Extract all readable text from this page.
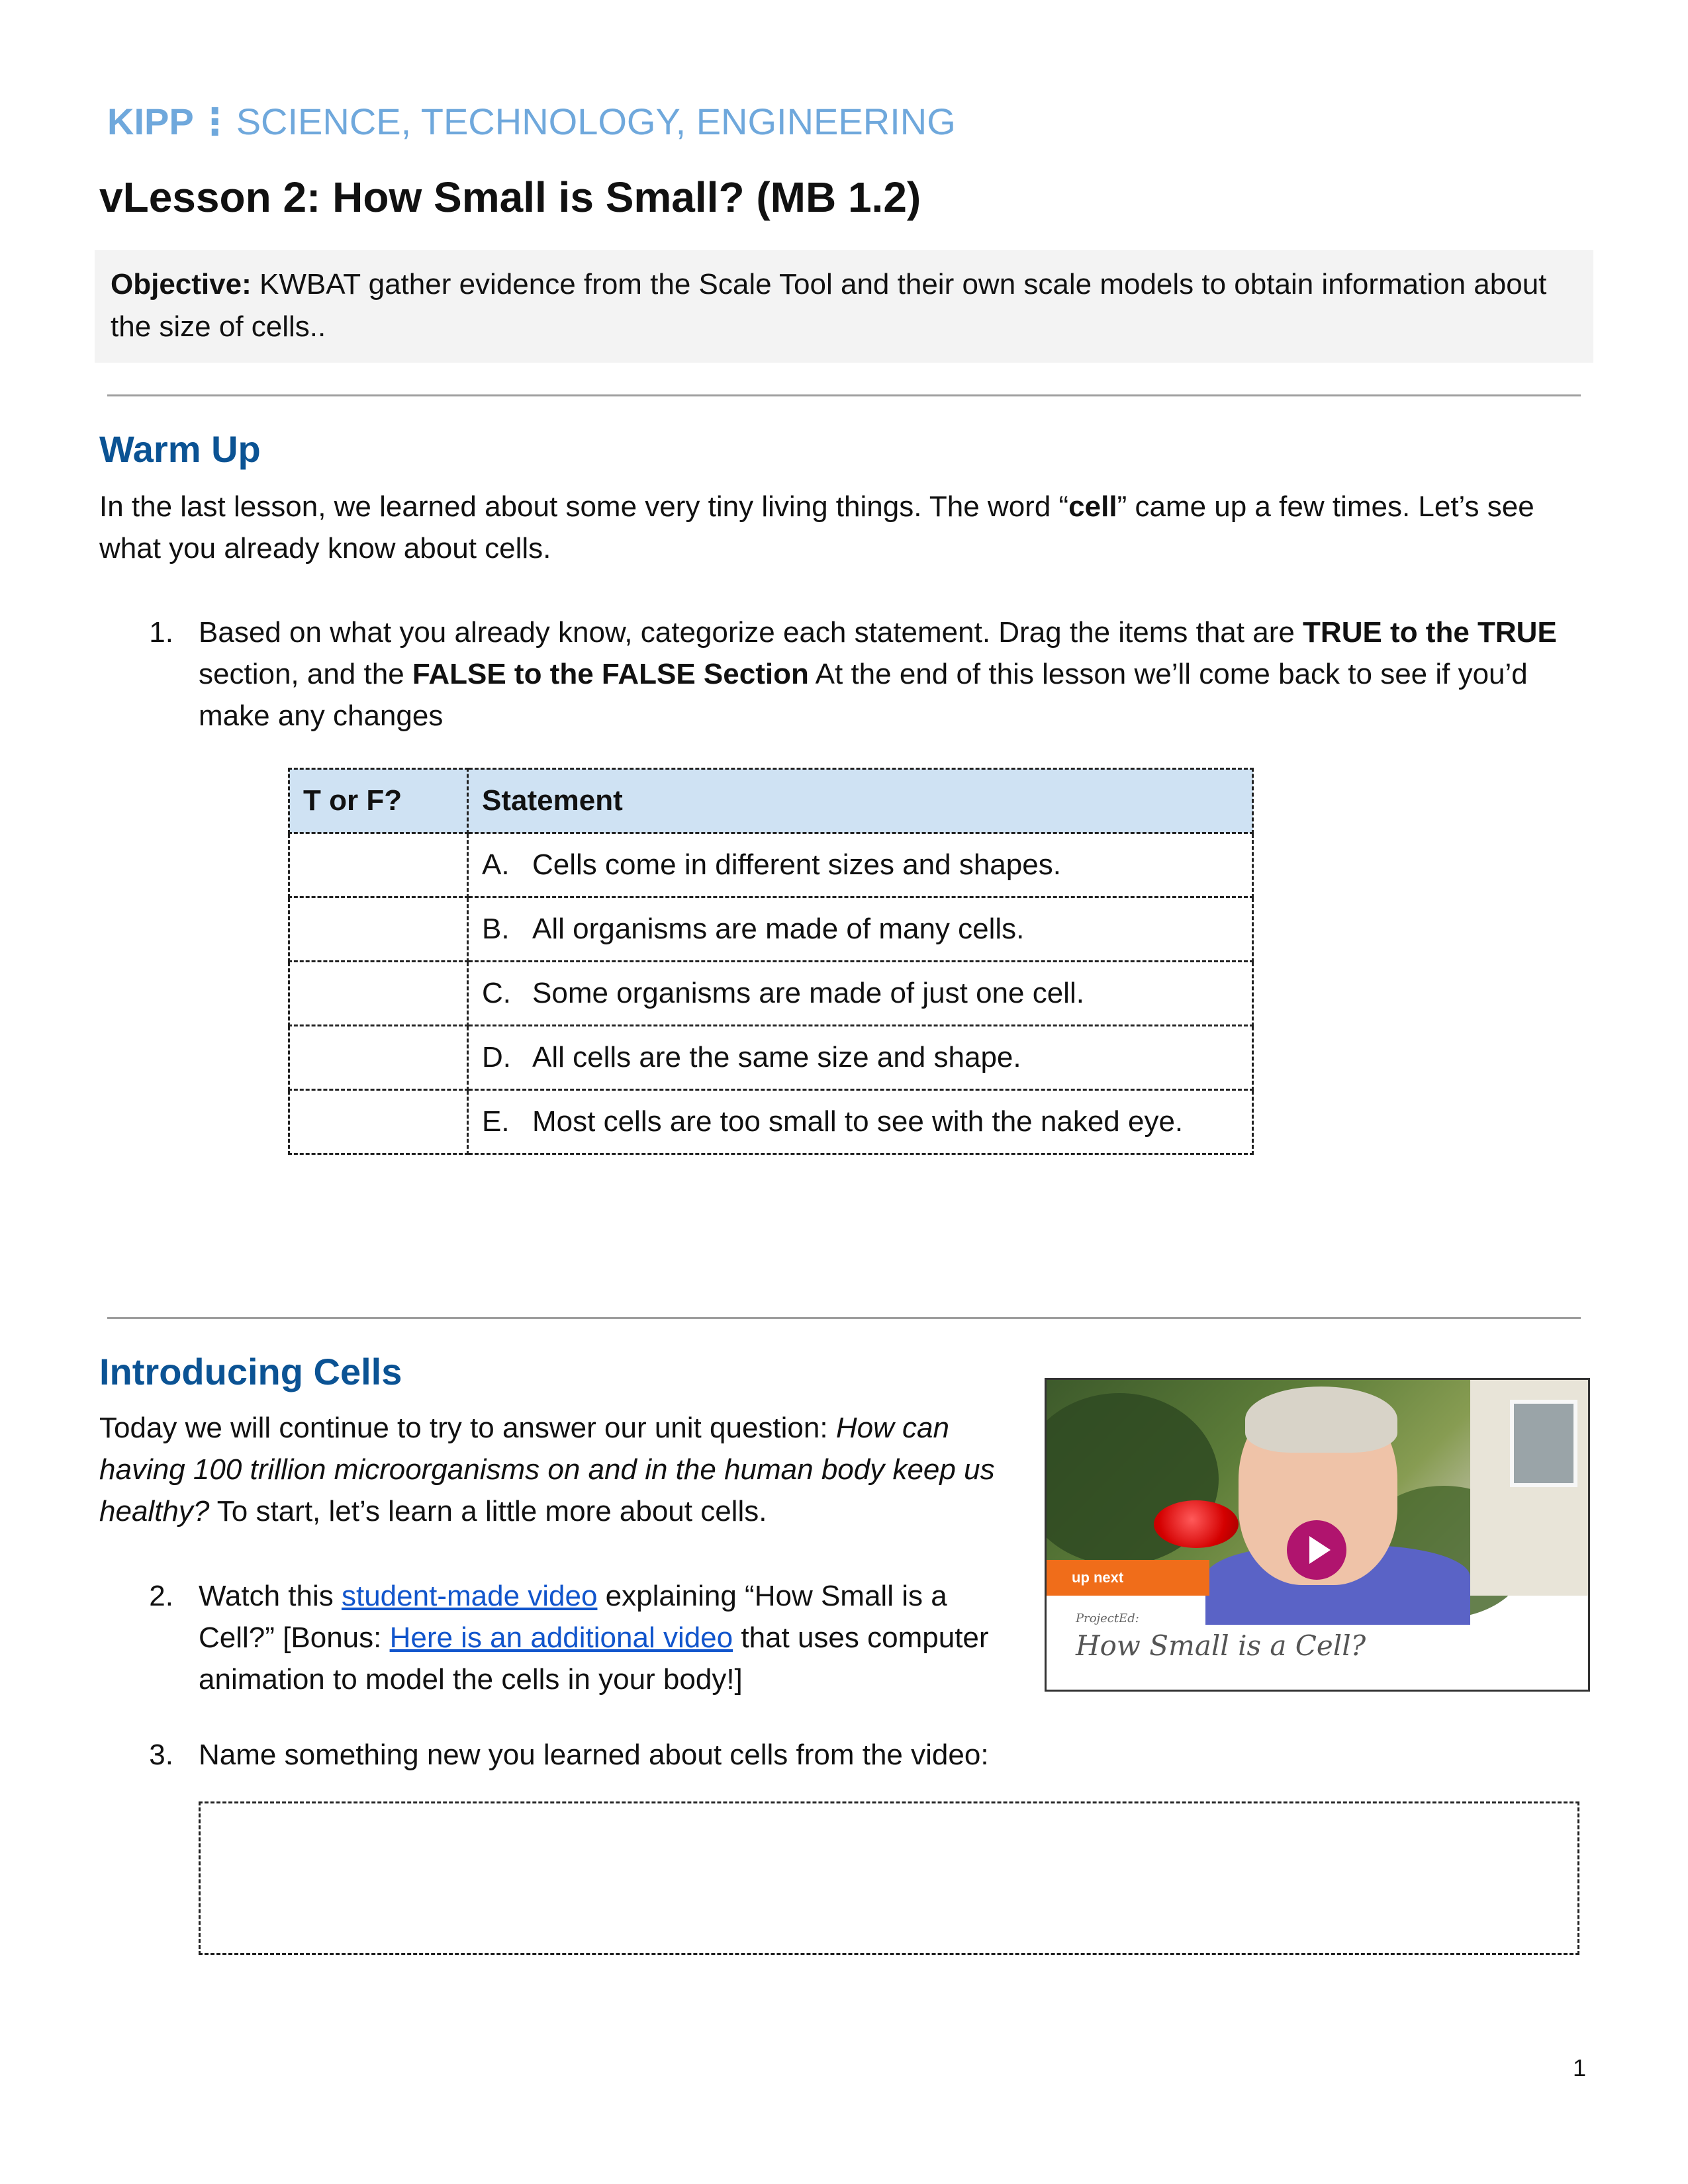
KIPP⋮SCIENCE, TECHNOLOGY, ENGINEERING
vLesson 2: How Small is Small? (MB 1.2)
Objective: KWBAT gather evidence from the Scale Tool and their own scale models to obtain information about the size of cells..
Warm Up

In the last lesson, we learned about some very tiny living things. The word “cell” came up a few times. Let’s see what you already know about cells.

1. Based on what you already know, categorize each statement. Drag the items that are TRUE to the TRUE section, and the FALSE to the FALSE Section At the end of this lesson we’ll come back to see if you’d make any changes

T or F?	Statement
	A. Cells come in different sizes and shapes.
	B. All organisms are made of many cells.
	C. Some organisms are made of just one cell.
	D. All cells are the same size and shape.
	E. Most cells are too small to see with the naked eye.
Introducing Cells

Today we will continue to try to answer our unit question: How can having 100 trillion microorganisms on and in the human body keep us healthy? To start, let’s learn a little more about cells.

2. Watch this student-made video explaining “How Small is a Cell?” [Bonus: Here is an additional video that uses computer animation to model the cells in your body!]

up next
ProjectEd:
How Small is a Cell?
3. Name something new you learned about cells from the video:

1
